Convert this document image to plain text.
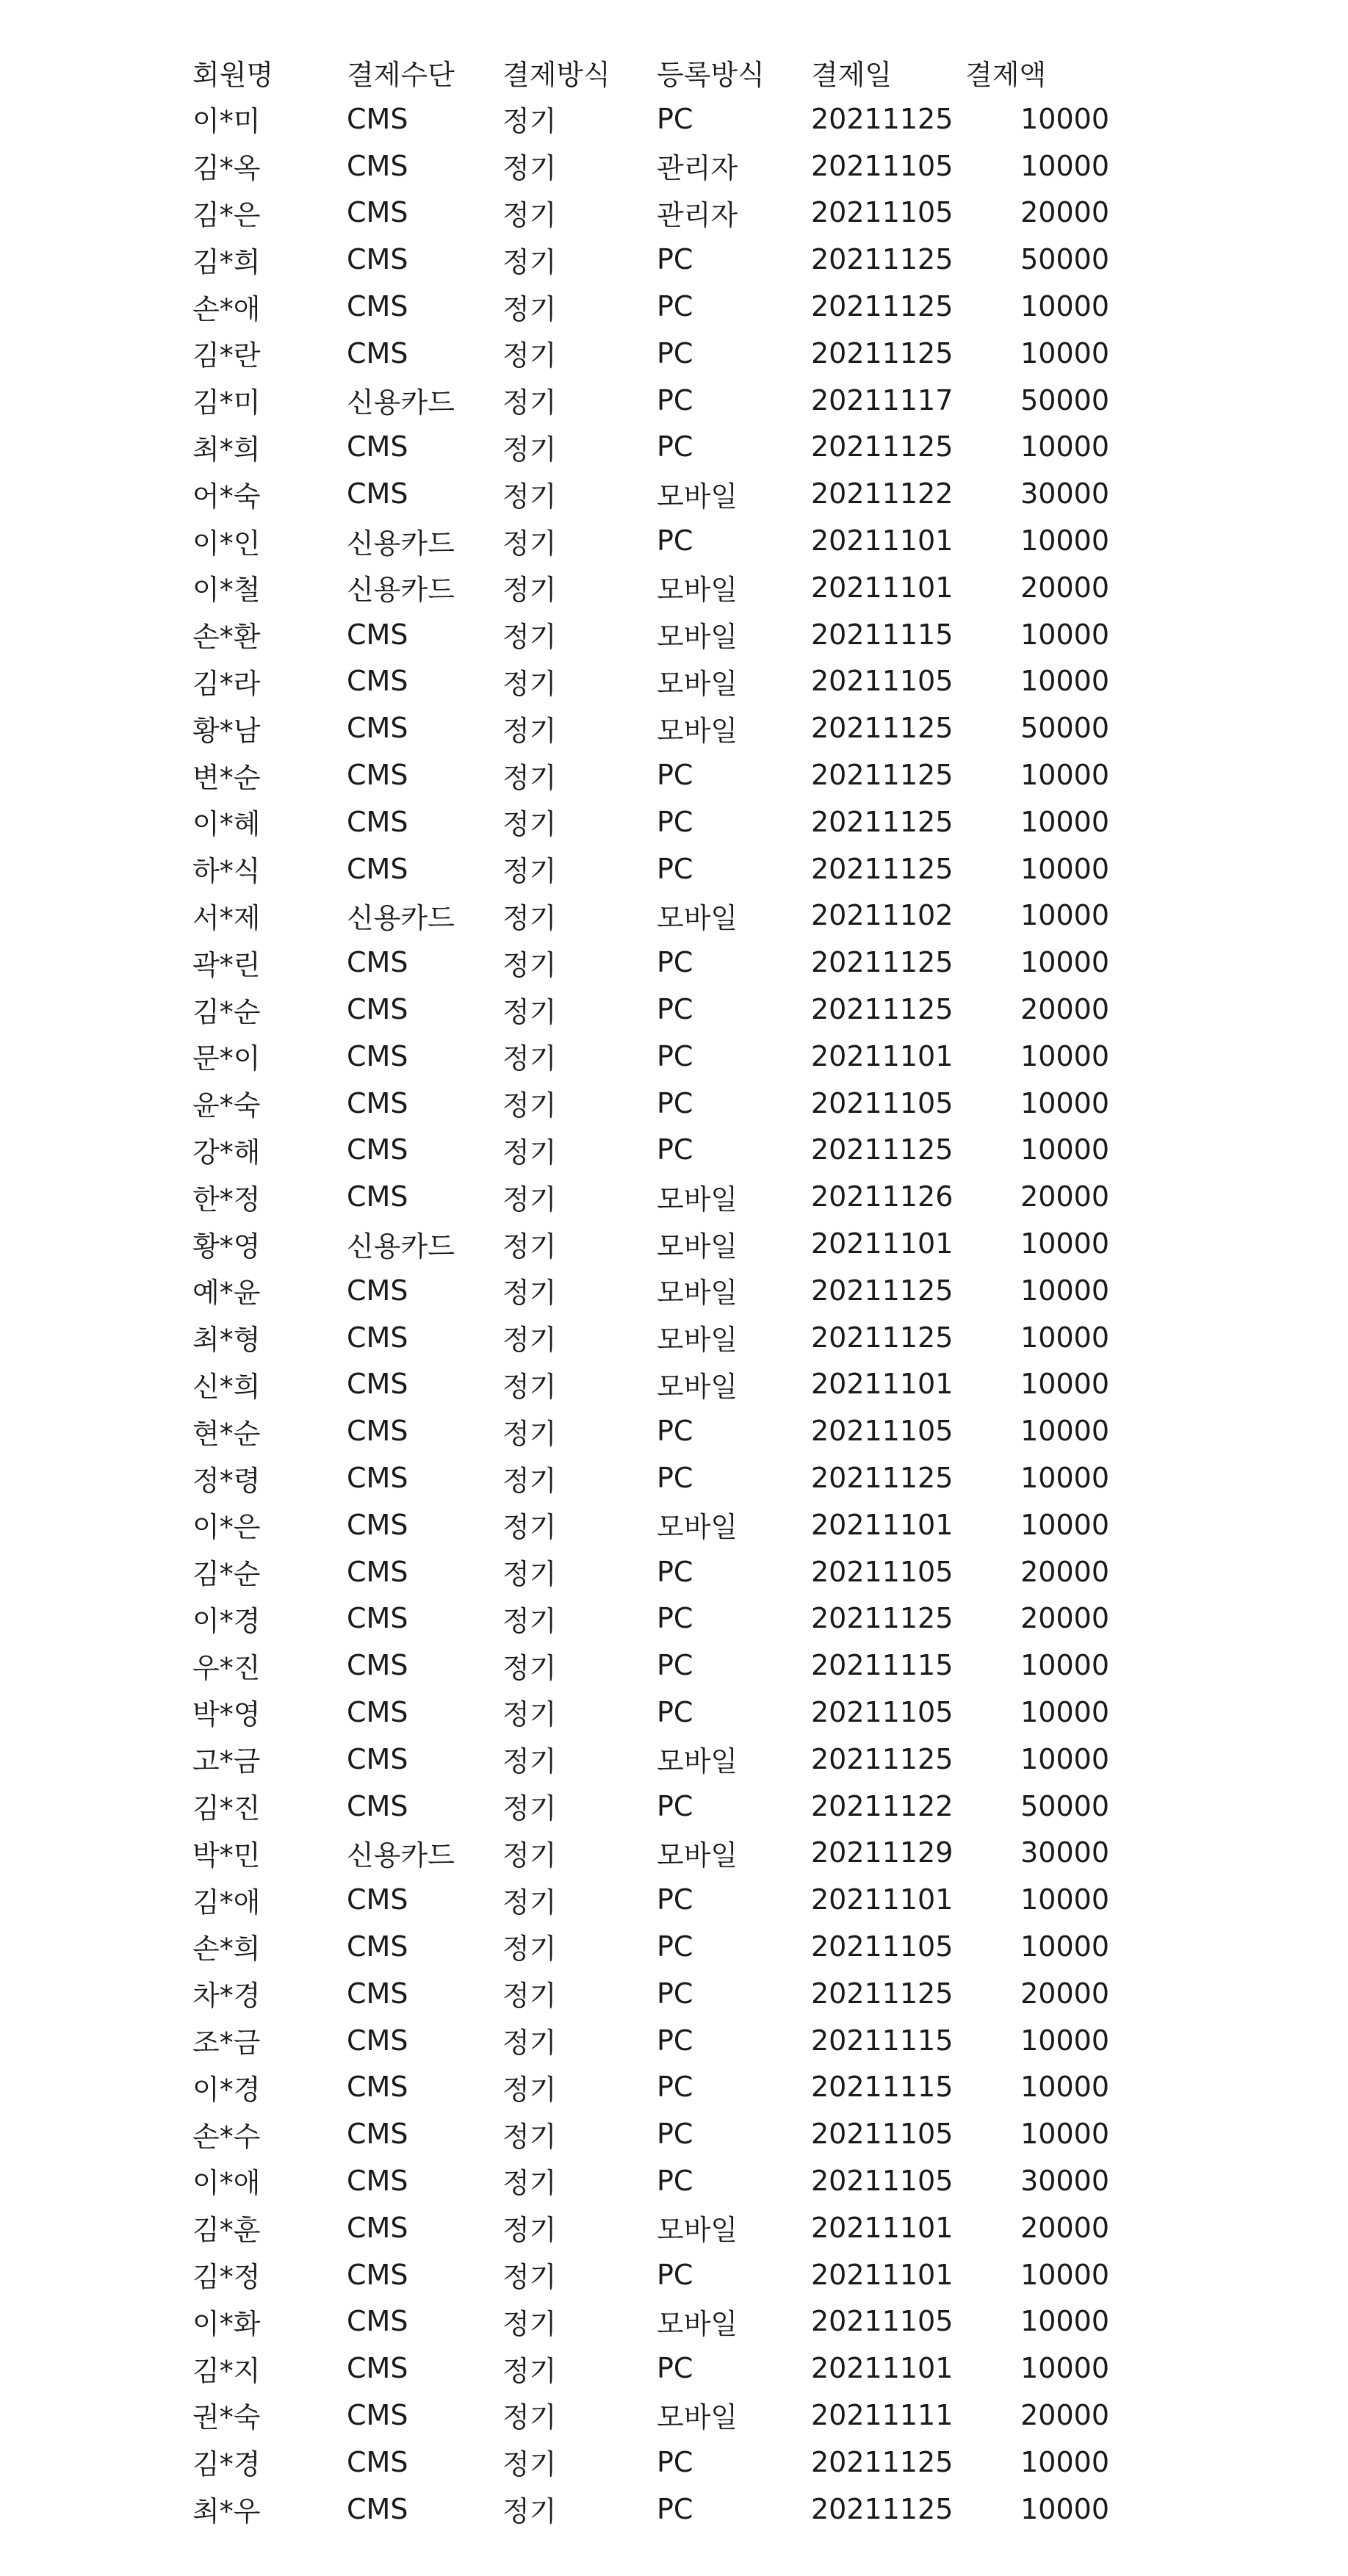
회원명	결제수단	결제방식	등록방식	결제일	결제액
이*미	CMS	정기	PC	20211125	10000
김*옥	CMS	정기	관리자	20211105	10000
김*은	CMS	정기	관리자	20211105	20000
김*희	CMS	정기	PC	20211125	50000
손*애	CMS	정기	PC	20211125	10000
김*란	CMS	정기	PC	20211125	10000
김*미	신용카드	정기	PC	20211117	50000
최*희	CMS	정기	PC	20211125	10000
어*숙	CMS	정기	모바일	20211122	30000
이*인	신용카드	정기	PC	20211101	10000
이*철	신용카드	정기	모바일	20211101	20000
손*환	CMS	정기	모바일	20211115	10000
김*라	CMS	정기	모바일	20211105	10000
황*남	CMS	정기	모바일	20211125	50000
변*순	CMS	정기	PC	20211125	10000
이*혜	CMS	정기	PC	20211125	10000
하*식	CMS	정기	PC	20211125	10000
서*제	신용카드	정기	모바일	20211102	10000
곽*린	CMS	정기	PC	20211125	10000
김*순	CMS	정기	PC	20211125	20000
문*이	CMS	정기	PC	20211101	10000
윤*숙	CMS	정기	PC	20211105	10000
강*해	CMS	정기	PC	20211125	10000
한*정	CMS	정기	모바일	20211126	20000
황*영	신용카드	정기	모바일	20211101	10000
예*윤	CMS	정기	모바일	20211125	10000
최*형	CMS	정기	모바일	20211125	10000
신*희	CMS	정기	모바일	20211101	10000
현*순	CMS	정기	PC	20211105	10000
정*령	CMS	정기	PC	20211125	10000
이*은	CMS	정기	모바일	20211101	10000
김*순	CMS	정기	PC	20211105	20000
이*경	CMS	정기	PC	20211125	20000
우*진	CMS	정기	PC	20211115	10000
박*영	CMS	정기	PC	20211105	10000
고*금	CMS	정기	모바일	20211125	10000
김*진	CMS	정기	PC	20211122	50000
박*민	신용카드	정기	모바일	20211129	30000
김*애	CMS	정기	PC	20211101	10000
손*희	CMS	정기	PC	20211105	10000
차*경	CMS	정기	PC	20211125	20000
조*금	CMS	정기	PC	20211115	10000
이*경	CMS	정기	PC	20211115	10000
손*수	CMS	정기	PC	20211105	10000
이*애	CMS	정기	PC	20211105	30000
김*훈	CMS	정기	모바일	20211101	20000
김*정	CMS	정기	PC	20211101	10000
이*화	CMS	정기	모바일	20211105	10000
김*지	CMS	정기	PC	20211101	10000
권*숙	CMS	정기	모바일	20211111	20000
김*경	CMS	정기	PC	20211125	10000
최*우	CMS	정기	PC	20211125	10000
